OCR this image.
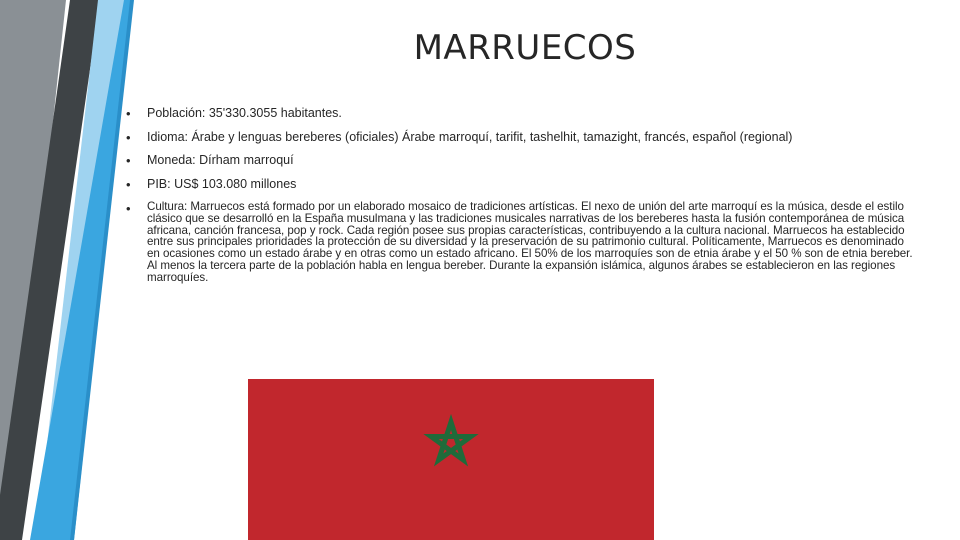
MARRUECOS
• Población: 35'330.3055 habitantes.
• Idioma: Árabe y lenguas bereberes (oficiales) Árabe marroquí, tarifit, tashelhit, tamazight, francés, español (regional)
• Moneda: Dírham marroquí
• PIB: US$ 103.080 millones
• Cultura: Marruecos está formado por un elaborado mosaico de tradiciones artísticas. El nexo de unión del arte marroquí es la música, desde el estilo clásico que se desarrolló en la España musulmana y las tradiciones musicales narrativas de los bereberes hasta la fusión contemporánea de música africana, canción francesa, pop y rock. Cada región posee sus propias características, contribuyendo a la cultura nacional. Marruecos ha establecido entre sus principales prioridades la protección de su diversidad y la preservación de su patrimonio cultural. Políticamente, Marruecos es denominado en ocasiones como un estado árabe y en otras como un estado africano. El 50% de los marroquíes son de etnia árabe y el 50 % son de etnia bereber. Al menos la tercera parte de la población habla en lengua bereber. Durante la expansión islámica, algunos árabes se establecieron en las regiones marroquíes.
